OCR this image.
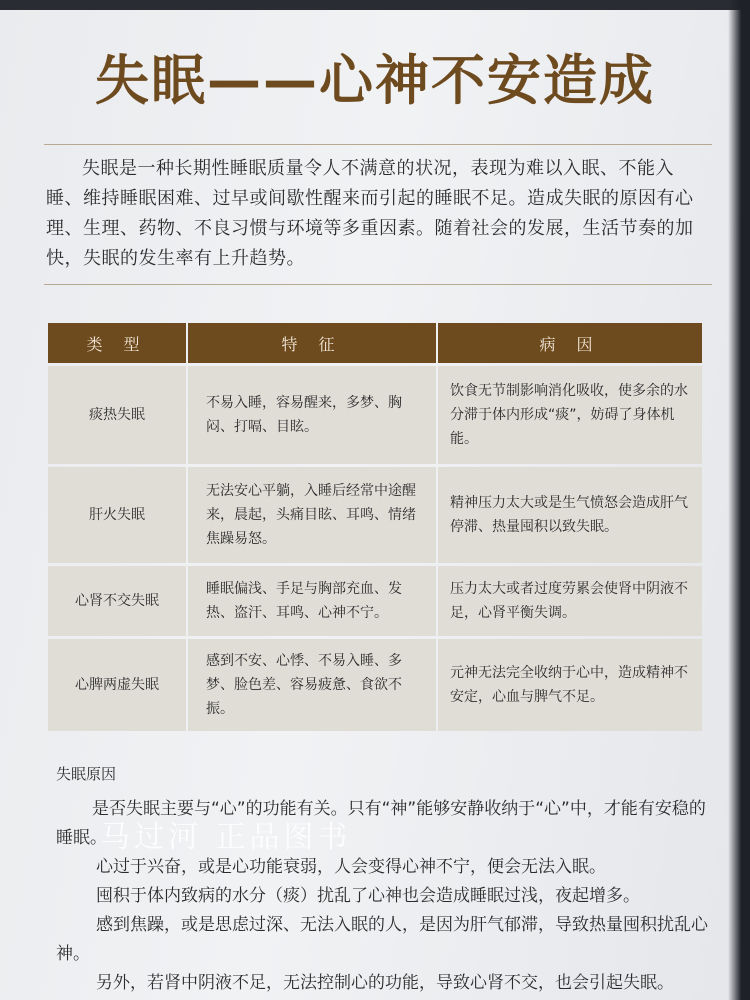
失眠——心神不安造成
失眠是一种长期性睡眠质量令人不满意的状况，表现为难以入眠、不能入睡、维持睡眠困难、过早或间歇性醒来而引起的睡眠不足。造成失眠的原因有心理、生理、药物、不良习惯与环境等多重因素。随着社会的发展，生活节奏的加快，失眠的发生率有上升趋势。
类 型	特 征	病 因
痰热失眠	不易入睡，容易醒来，多梦、胸闷、打嗝、目眩。	饮食无节制影响消化吸收，使多余的水分滞于体内形成“痰”，妨碍了身体机能。
肝火失眠	无法安心平躺，入睡后经常中途醒来，晨起，头痛目眩、耳鸣、情绪焦躁易怒。	精神压力太大或是生气愤怒会造成肝气停滞、热量囤积以致失眠。
心肾不交失眠	睡眠偏浅、手足与胸部充血、发热、盗汗、耳鸣、心神不宁。	压力太大或者过度劳累会使肾中阴液不足，心肾平衡失调。
心脾两虚失眠	感到不安、心悸、不易入睡、多梦、脸色差、容易疲惫、食欲不振。	元神无法完全收纳于心中，造成精神不安定，心血与脾气不足。
失眠原因
是否失眠主要与“心”的功能有关。只有“神”能够安静收纳于“心”中，才能有安稳的睡眠。
心过于兴奋，或是心功能衰弱，人会变得心神不宁，便会无法入眠。
囤积于体内致病的水分（痰）扰乱了心神也会造成睡眠过浅，夜起增多。
感到焦躁，或是思虑过深、无法入眠的人，是因为肝气郁滞，导致热量囤积扰乱心神。
另外，若肾中阴液不足，无法控制心的功能，导致心肾不交，也会引起失眠。
马过河 正品图书
